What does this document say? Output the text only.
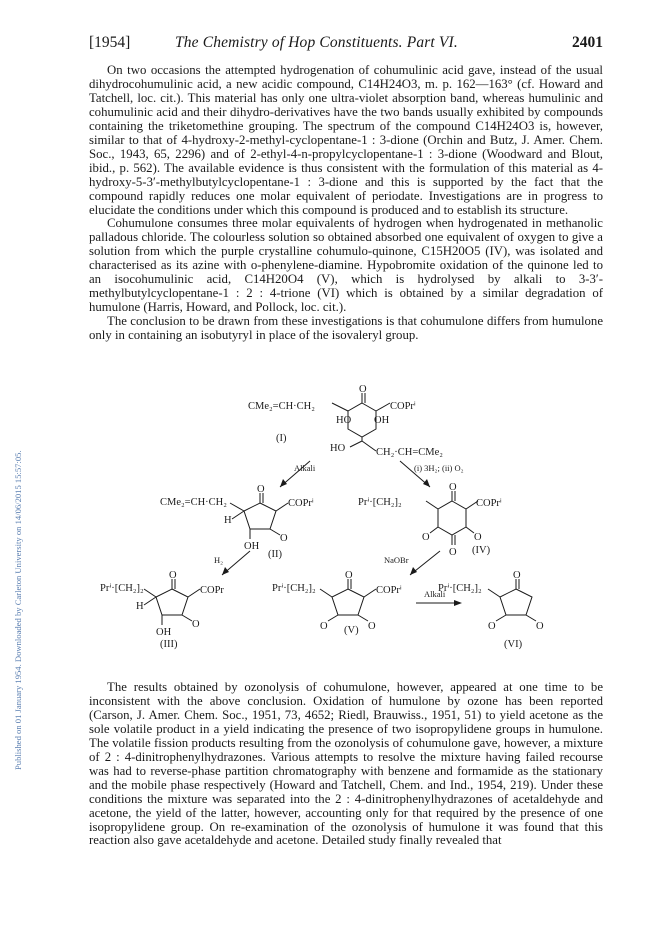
Published on 01 January 1954. Downloaded by Carleton University on 14/06/2015 15:57:05.
[1954]	The Chemistry of Hop Constituents. Part VI.	2401

On two occasions the attempted hydrogenation of cohumulinic acid gave, instead of the usual dihydrocohumulinic acid, a new acidic compound, C14H24O3, m. p. 162—163° (cf. Howard and Tatchell, loc. cit.). This material has only one ultra-violet absorption band, whereas humulinic and cohumulinic acid and their dihydro-derivatives have the two bands usually exhibited by compounds containing the triketomethine grouping. The spectrum of the compound C14H24O3 is, however, similar to that of 4-hydroxy-2-methyl-cyclopentane-1 : 3-dione (Orchin and Butz, J. Amer. Chem. Soc., 1943, 65, 2296) and of 2-ethyl-4-n-propylcyclopentane-1 : 3-dione (Woodward and Blout, ibid., p. 562). The available evidence is thus consistent with the formulation of this material as 4-hydroxy-5-3′-methylbutylcyclopentane-1 : 3-dione and this is supported by the fact that the compound rapidly reduces one molar equivalent of periodate. Investigations are in progress to elucidate the conditions under which this compound is produced and to establish its structure.

Cohumulone consumes three molar equivalents of hydrogen when hydrogenated in methanolic palladous chloride. The colourless solution so obtained absorbed one equivalent of oxygen to give a solution from which the purple crystalline cohumulo-quinone, C15H20O5 (IV), was isolated and characterised as its azine with o-phenylene-diamine. Hypobromite oxidation of the quinone led to an isocohumulinic acid, C14H20O4 (V), which is hydrolysed by alkali to 3-3′-methylbutylcyclopentane-1 : 2 : 4-trione (VI) which is obtained by a similar degradation of humulone (Harris, Howard, and Pollock, loc. cit.).

The conclusion to be drawn from these investigations is that cohumulone differs from humulone only in containing an isobutyryl in place of the isovaleryl group.

CMe₂=CH·CH₂	COPrⁱ
HO OH
HO	CH₂·CH=CMe₂
O
(I)
Alkali	(i) 3H₂; (ii) O₂
CMe₂=CH·CH₂	COPrⁱ
H
OH
O
O
(II)
H₂
Prⁱ·[CH₂]₂	COPrⁱ
O
O
O	O
(IV)
NaOBr
Prⁱ·[CH₂]₂	COPr
H
OH
O
O
(III)
Prⁱ·[CH₂]₂	COPrⁱ
O
O	O
(V)
Alkali
Prⁱ·[CH₂]₂
O
O	O
(VI)

The results obtained by ozonolysis of cohumulone, however, appeared at one time to be inconsistent with the above conclusion. Oxidation of humulone by ozone has been reported (Carson, J. Amer. Chem. Soc., 1951, 73, 4652; Riedl, Brauwiss., 1951, 51) to yield acetone as the sole volatile product in a yield indicating the presence of two isopropylidene groups in humulone. The volatile fission products resulting from the ozonolysis of cohumulone gave, however, a mixture of 2 : 4-dinitrophenylhydrazones. Various attempts to resolve the mixture having failed recourse was had to reverse-phase partition chromatography with benzene and formamide as the stationary and the mobile phase respectively (Howard and Tatchell, Chem. and Ind., 1954, 219). Under these conditions the mixture was separated into the 2 : 4-dinitrophenylhydrazones of acetaldehyde and acetone, the yield of the latter, however, accounting only for that required by the presence of one isopropylidene group. On re-examination of the ozonolysis of humulone it was found that this reaction also gave acetaldehyde and acetone. Detailed study finally revealed that
